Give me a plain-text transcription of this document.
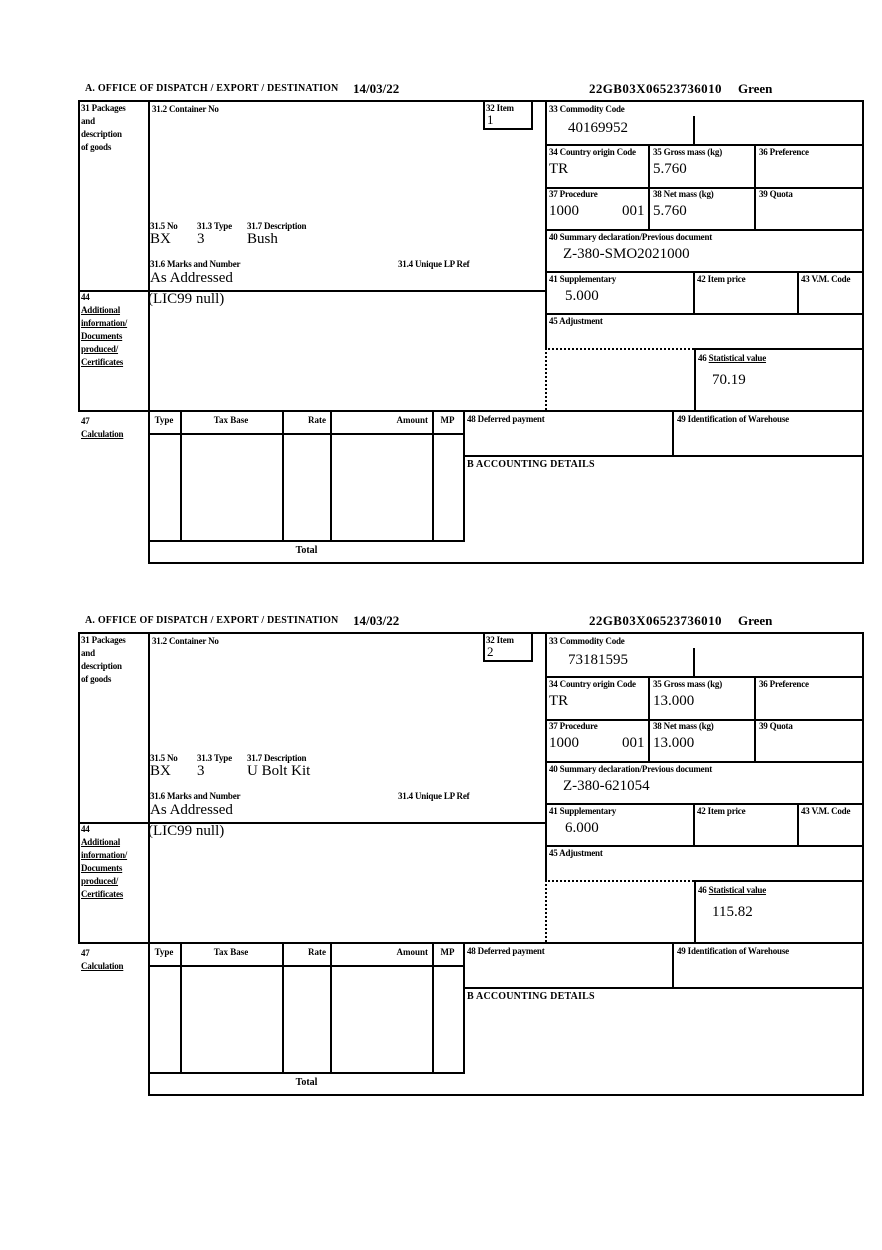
A. OFFICE OF DISPATCH / EXPORT / DESTINATION 14/03/22	22GB03X06523736010 Green
31 Packages
and
description
of goods
31.2 Container No	32 Item
1
33 Commodity Code
40169952
34 Country origin Code
TR
35 Gross mass (kg)
5.760
36 Preference
37 Procedure
1000	001
38 Net mass (kg)
5.760
39 Quota
31.5 No 31.3 Type 31.7 Description
BX 3	Bush	40 Summary declaration/Previous document
Z-380-SMO2021000
31.6 Marks and Number	31.4 Unique LP Ref
As Addressed	41 Supplementary
5.000
42 Item price	43 V.M. Code
44
Additional
information/
Documents
produced/
Certificates
(LIC99 null)
45 Adjustment
46 Statistical value
70.19
47
Calculation
Type	Tax Base	Rate	Amount	MP	48 Deferred payment	49 Identification of Warehouse
B ACCOUNTING DETAILS
Total
A. OFFICE OF DISPATCH / EXPORT / DESTINATION 14/03/22	22GB03X06523736010 Green
31 Packages
and
description
of goods
31.2 Container No	32 Item
2
33 Commodity Code
73181595
34 Country origin Code
TR
35 Gross mass (kg)
13.000
36 Preference
37 Procedure
1000	001
38 Net mass (kg)
13.000
39 Quota
31.5 No 31.3 Type 31.7 Description
BX 3	U Bolt Kit	40 Summary declaration/Previous document
Z-380-621054
31.6 Marks and Number	31.4 Unique LP Ref
As Addressed	41 Supplementary
6.000
42 Item price	43 V.M. Code
44
Additional
information/
Documents
produced/
Certificates
(LIC99 null)
45 Adjustment
46 Statistical value
115.82
47
Calculation
Type	Tax Base	Rate	Amount	MP	48 Deferred payment	49 Identification of Warehouse
B ACCOUNTING DETAILS
Total
